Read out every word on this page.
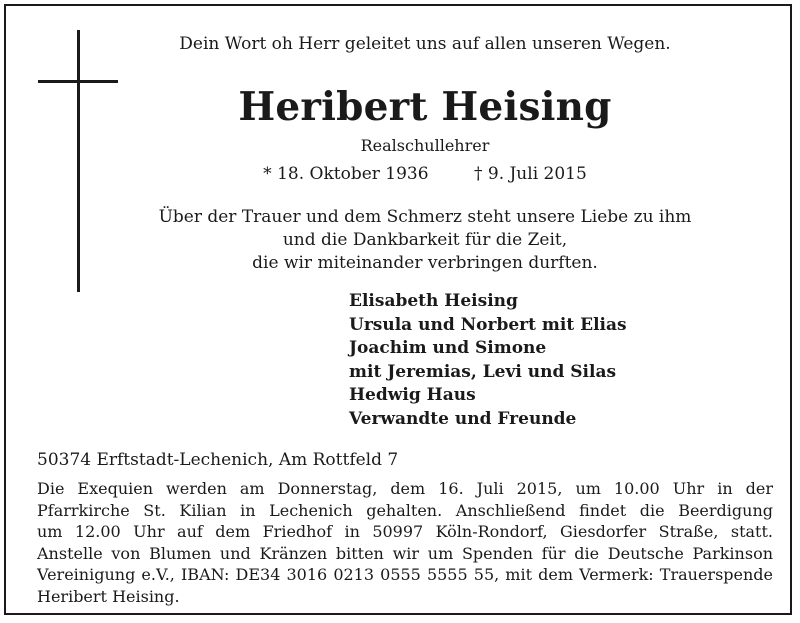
Dein Wort oh Herr geleitet uns auf allen unseren Wegen.
Heribert Heising
Realschullehrer
* 18. Oktober 1936	† 9. Juli 2015
Über der Trauer und dem Schmerz steht unsere Liebe zu ihm
und die Dankbarkeit für die Zeit,
die wir miteinander verbringen durften.
Elisabeth Heising
Ursula und Norbert mit Elias
Joachim und Simone
mit Jeremias, Levi und Silas
Hedwig Haus
Verwandte und Freunde
50374 Erftstadt-Lechenich, Am Rottfeld 7
Die Exequien werden am Donnerstag, dem 16. Juli 2015, um 10.00 Uhr in der
Pfarrkirche St. Kilian in Lechenich gehalten. Anschließend findet die Beerdigung
um 12.00 Uhr auf dem Friedhof in 50997 Köln-Rondorf, Giesdorfer Straße, statt.
Anstelle von Blumen und Kränzen bitten wir um Spenden für die Deutsche Parkinson
Vereinigung e.V., IBAN: DE34 3016 0213 0555 5555 55, mit dem Vermerk: Trauerspende
Heribert Heising.
